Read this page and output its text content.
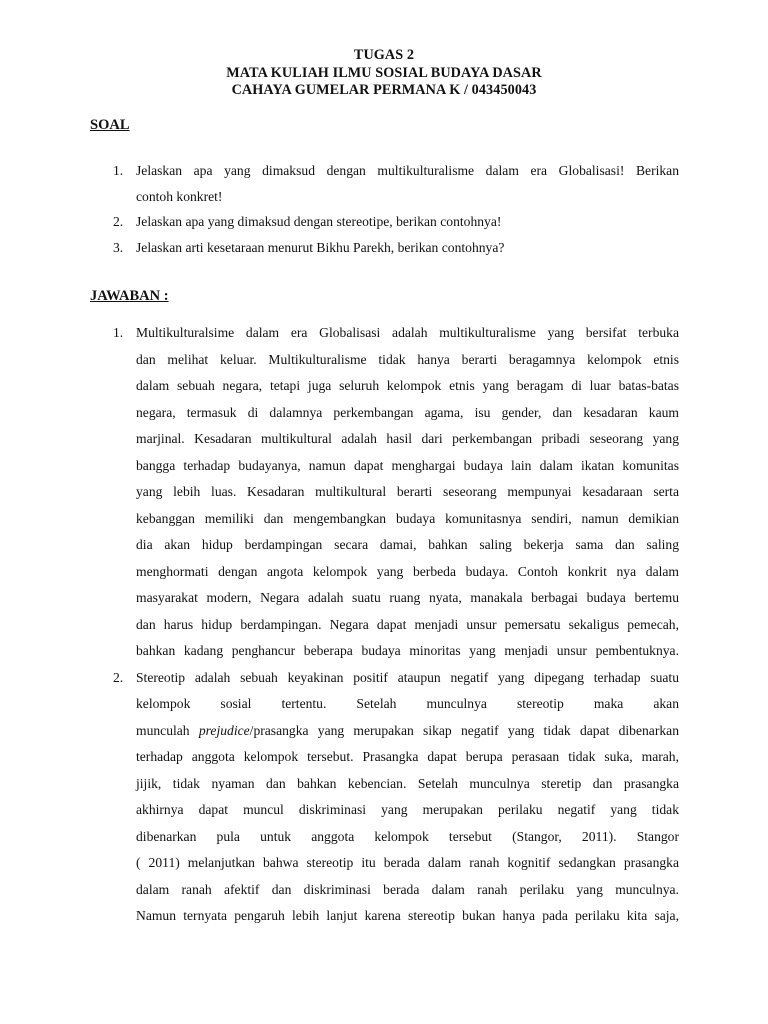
TUGAS 2
MATA KULIAH ILMU SOSIAL BUDAYA DASAR
CAHAYA GUMELAR PERMANA K / 043450043
SOAL
1. Jelaskan apa yang dimaksud dengan multikulturalisme dalam era Globalisasi! Berikan
contoh konkret!
2. Jelaskan apa yang dimaksud dengan stereotipe, berikan contohnya!
3. Jelaskan arti kesetaraan menurut Bikhu Parekh, berikan contohnya?
JAWABAN :
1. Multikulturalsime dalam era Globalisasi adalah multikulturalisme yang bersifat terbuka
dan melihat keluar. Multikulturalisme tidak hanya berarti beragamnya kelompok etnis
dalam sebuah negara, tetapi juga seluruh kelompok etnis yang beragam di luar batas-batas
negara, termasuk di dalamnya perkembangan agama, isu gender, dan kesadaran kaum
marjinal. Kesadaran multikultural adalah hasil dari perkembangan pribadi seseorang yang
bangga terhadap budayanya, namun dapat menghargai budaya lain dalam ikatan komunitas
yang lebih luas. Kesadaran multikultural berarti seseorang mempunyai kesadaraan serta
kebanggan memiliki dan mengembangkan budaya komunitasnya sendiri, namun demikian
dia akan hidup berdampingan secara damai, bahkan saling bekerja sama dan saling
menghormati dengan angota kelompok yang berbeda budaya. Contoh konkrit nya dalam
masyarakat modern, Negara adalah suatu ruang nyata, manakala berbagai budaya bertemu
dan harus hidup berdampingan. Negara dapat menjadi unsur pemersatu sekaligus pemecah,
bahkan kadang penghancur beberapa budaya minoritas yang menjadi unsur pembentuknya.
2. Stereotip adalah sebuah keyakinan positif ataupun negatif yang dipegang terhadap suatu
kelompok sosial tertentu. Setelah munculnya stereotip maka akan
munculah prejudice/prasangka yang merupakan sikap negatif yang tidak dapat dibenarkan
terhadap anggota kelompok tersebut. Prasangka dapat berupa perasaan tidak suka, marah,
jijik, tidak nyaman dan bahkan kebencian. Setelah munculnya steretip dan prasangka
akhirnya dapat muncul diskriminasi yang merupakan perilaku negatif yang tidak
dibenarkan pula untuk anggota kelompok tersebut (Stangor, 2011). Stangor
( 2011) melanjutkan bahwa stereotip itu berada dalam ranah kognitif sedangkan prasangka
dalam ranah afektif dan diskriminasi berada dalam ranah perilaku yang munculnya.
Namun ternyata pengaruh lebih lanjut karena stereotip bukan hanya pada perilaku kita saja,
